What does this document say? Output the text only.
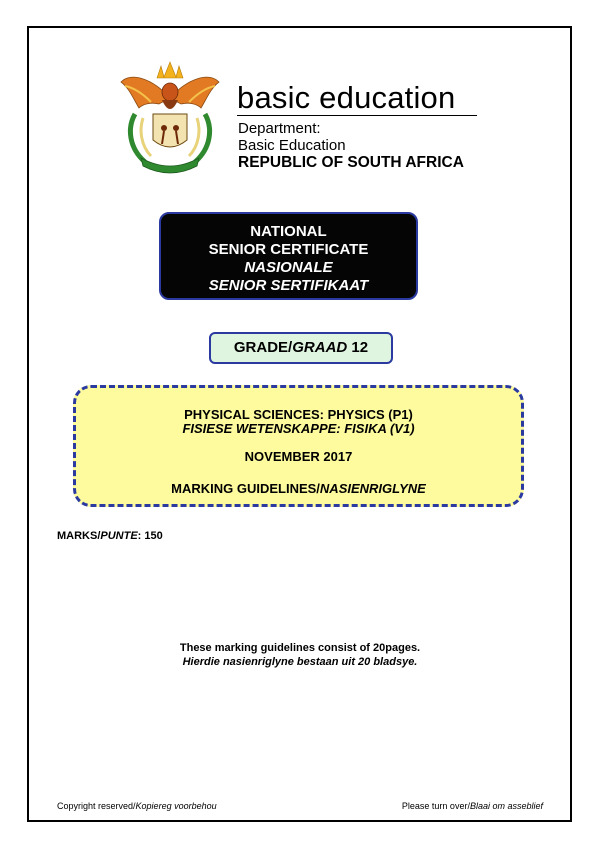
basic education
Department:
Basic Education
REPUBLIC OF SOUTH AFRICA
NATIONAL
SENIOR CERTIFICATE
NASIONALE
SENIOR SERTIFIKAAT
GRADE/GRAAD 12
PHYSICAL SCIENCES: PHYSICS (P1)
FISIESE WETENSKAPPE: FISIKA (V1)
NOVEMBER 2017
MARKING GUIDELINES/NASIENRIGLYNE
MARKS/PUNTE: 150
These marking guidelines consist of 20pages.
Hierdie nasienriglyne bestaan uit 20 bladsye.
Copyright reserved/Kopiereg voorbehou	Please turn over/Blaai om asseblief
